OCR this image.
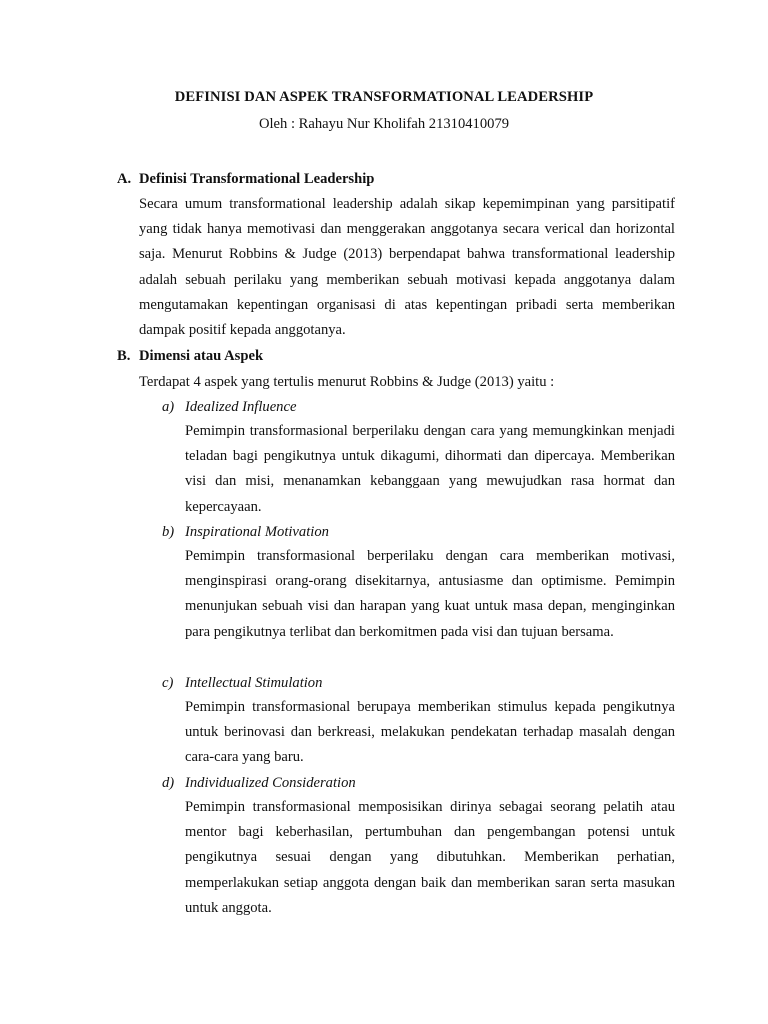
DEFINISI DAN ASPEK TRANSFORMATIONAL LEADERSHIP
Oleh : Rahayu Nur Kholifah 21310410079
A. Definisi Transformational Leadership

Secara umum transformational leadership adalah sikap kepemimpinan yang parsitipatif yang tidak hanya memotivasi dan menggerakan anggotanya secara verical dan horizontal saja. Menurut Robbins & Judge (2013) berpendapat bahwa transformational leadership adalah sebuah perilaku yang memberikan sebuah motivasi kepada anggotanya dalam mengutamakan kepentingan organisasi di atas kepentingan pribadi serta memberikan dampak positif kepada anggotanya.

B. Dimensi atau Aspek

Terdapat 4 aspek yang tertulis menurut Robbins & Judge (2013) yaitu :

a) Idealized Influence

Pemimpin transformasional berperilaku dengan cara yang memungkinkan menjadi teladan bagi pengikutnya untuk dikagumi, dihormati dan dipercaya. Memberikan visi dan misi, menanamkan kebanggaan yang mewujudkan rasa hormat dan kepercayaan.

b) Inspirational Motivation

Pemimpin transformasional berperilaku dengan cara memberikan motivasi, menginspirasi orang-orang disekitarnya, antusiasme dan optimisme. Pemimpin menunjukan sebuah visi dan harapan yang kuat untuk masa depan, menginginkan para pengikutnya terlibat dan berkomitmen pada visi dan tujuan bersama.

c) Intellectual Stimulation

Pemimpin transformasional berupaya memberikan stimulus kepada pengikutnya untuk berinovasi dan berkreasi, melakukan pendekatan terhadap masalah dengan cara-cara yang baru.

d) Individualized Consideration

Pemimpin transformasional memposisikan dirinya sebagai seorang pelatih atau mentor bagi keberhasilan, pertumbuhan dan pengembangan potensi untuk pengikutnya sesuai dengan yang dibutuhkan. Memberikan perhatian, memperlakukan setiap anggota dengan baik dan memberikan saran serta masukan untuk anggota.
